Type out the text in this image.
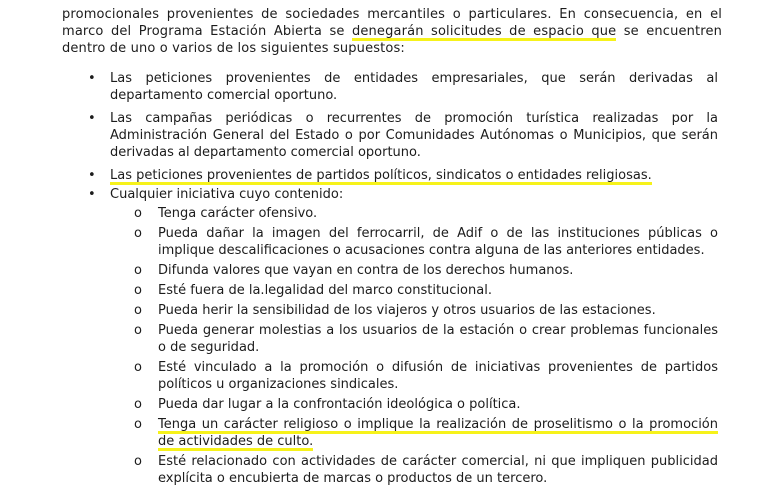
promocionales provenientes de sociedades mercantiles o particulares. En consecuencia, en el marco del Programa Estación Abierta se denegarán solicitudes de espacio que se encuentren dentro de uno o varios de los siguientes supuestos:

•	Las peticiones provenientes de entidades empresariales, que serán derivadas al departamento comercial oportuno.
•	Las campañas periódicas o recurrentes de promoción turística realizadas por la Administración General del Estado o por Comunidades Autónomas o Municipios, que serán derivadas al departamento comercial oportuno.
•	Las peticiones provenientes de partidos políticos, sindicatos o entidades religiosas.
•	Cualquier iniciativa cuyo contenido:
o	Tenga carácter ofensivo.
o	Pueda dañar la imagen del ferrocarril, de Adif o de las instituciones públicas o implique descalificaciones o acusaciones contra alguna de las anteriores entidades.
o	Difunda valores que vayan en contra de los derechos humanos.
o	Esté fuera de la.legalidad del marco constitucional.
o	Pueda herir la sensibilidad de los viajeros y otros usuarios de las estaciones.
o	Pueda generar molestias a los usuarios de la estación o crear problemas funcionales o de seguridad.
o	Esté vinculado a la promoción o difusión de iniciativas provenientes de partidos políticos u organizaciones sindicales.
o	Pueda dar lugar a la confrontación ideológica o política.
o	Tenga un carácter religioso o implique la realización de proselitismo o la promoción de actividades de culto.
o	Esté relacionado con actividades de carácter comercial, ni que impliquen publicidad explícita o encubierta de marcas o productos de un tercero.
